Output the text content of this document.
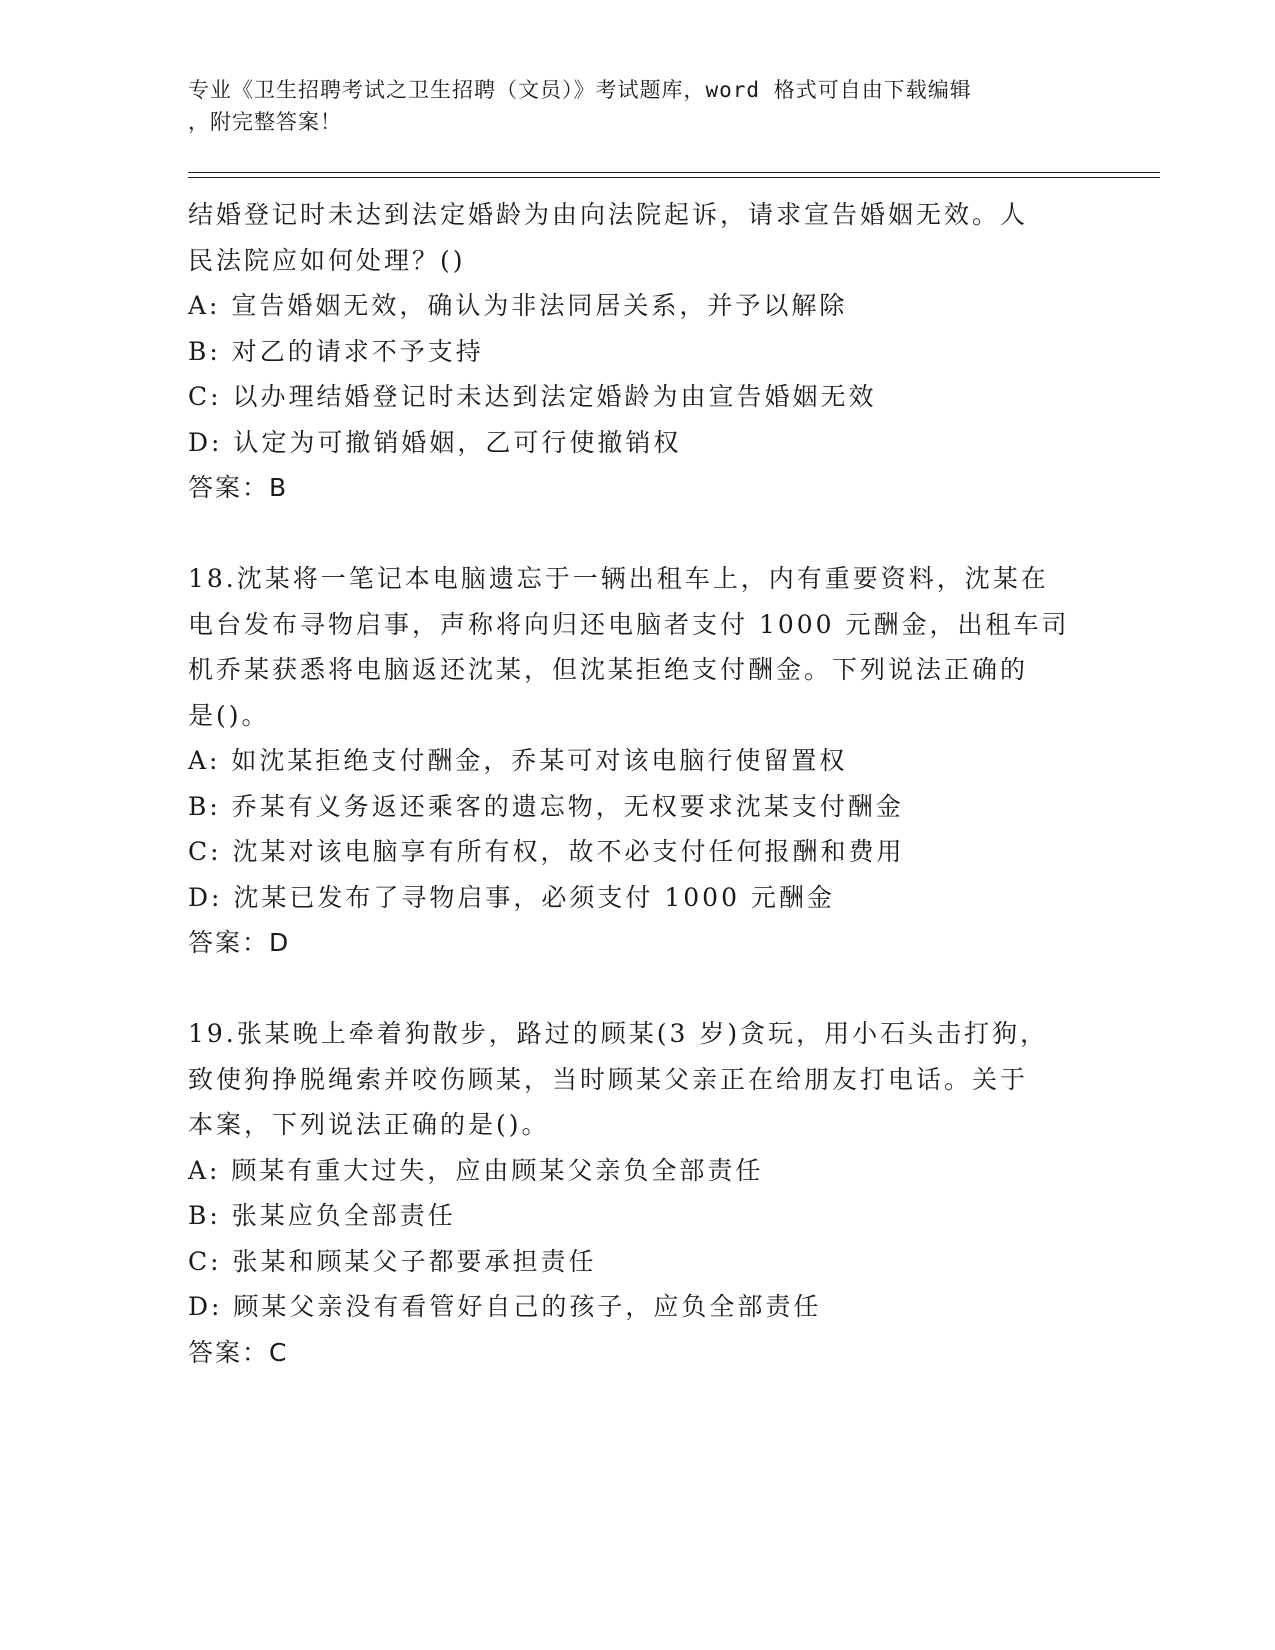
专业《卫生招聘考试之卫生招聘（文员）》考试题库，word 格式可自由下载编辑
，附完整答案！
结婚登记时未达到法定婚龄为由向法院起诉，请求宣告婚姻无效。人
民法院应如何处理？()
A: 宣告婚姻无效，确认为非法同居关系，并予以解除
B: 对乙的请求不予支持
C: 以办理结婚登记时未达到法定婚龄为由宣告婚姻无效
D: 认定为可撤销婚姻，乙可行使撤销权
答案：B
18.沈某将一笔记本电脑遗忘于一辆出租车上，内有重要资料，沈某在
电台发布寻物启事，声称将向归还电脑者支付 1000 元酬金，出租车司
机乔某获悉将电脑返还沈某，但沈某拒绝支付酬金。下列说法正确的
是()。
A: 如沈某拒绝支付酬金，乔某可对该电脑行使留置权
B: 乔某有义务返还乘客的遗忘物，无权要求沈某支付酬金
C: 沈某对该电脑享有所有权，故不必支付任何报酬和费用
D: 沈某已发布了寻物启事，必须支付 1000 元酬金
答案：D
19.张某晚上牵着狗散步，路过的顾某(3 岁)贪玩，用小石头击打狗，
致使狗挣脱绳索并咬伤顾某，当时顾某父亲正在给朋友打电话。关于
本案，下列说法正确的是()。
A: 顾某有重大过失，应由顾某父亲负全部责任
B: 张某应负全部责任
C: 张某和顾某父子都要承担责任
D: 顾某父亲没有看管好自己的孩子，应负全部责任
答案：C
